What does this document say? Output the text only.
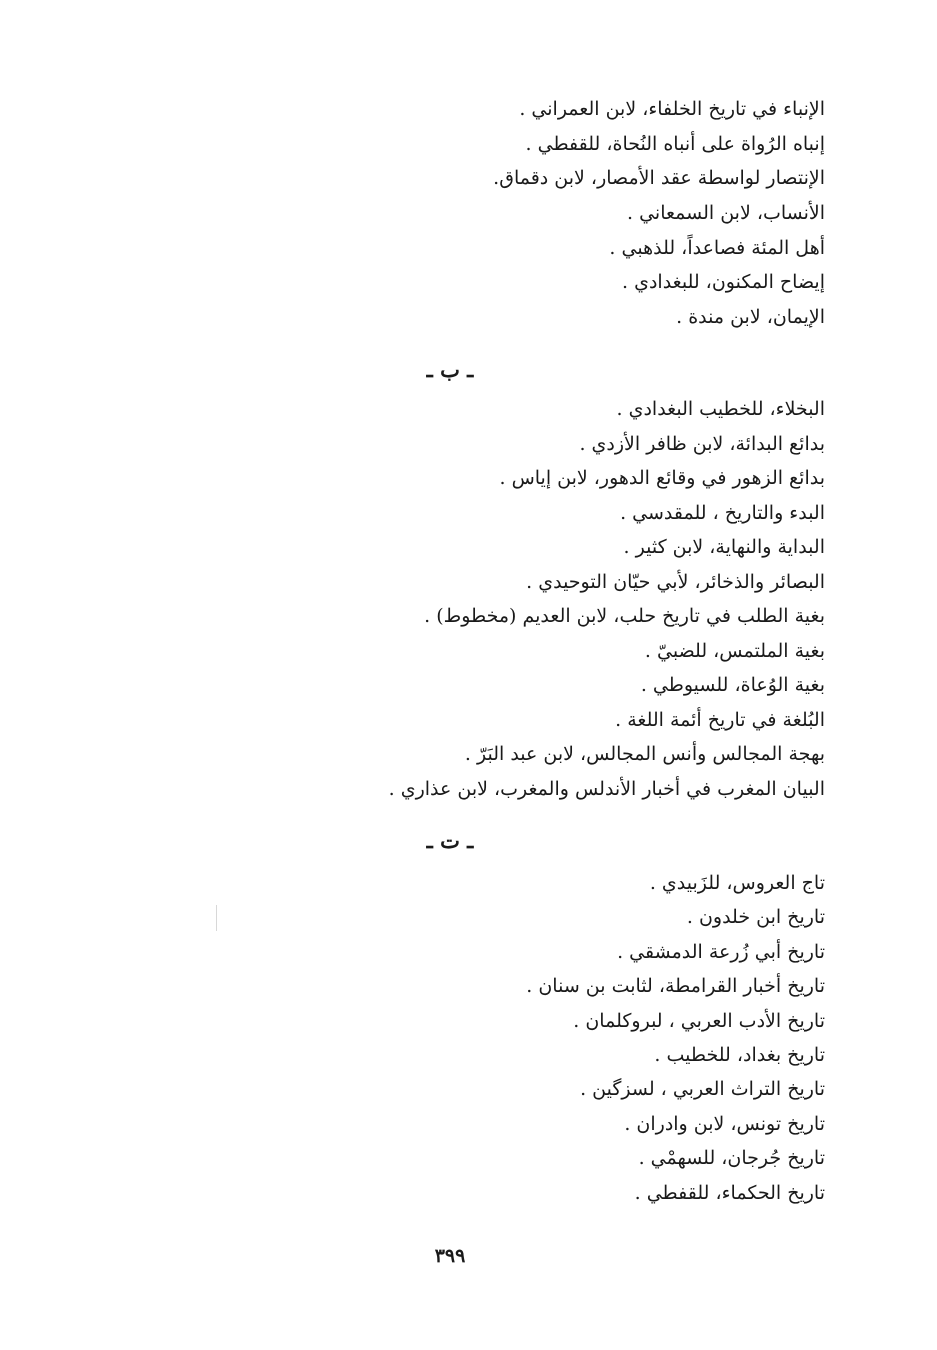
الإنباء في تاريخ الخلفاء، لابن العمراني .
إنباه الرُواة على أنباه النُحاة، للقفطي .
الإنتصار لواسطة عقد الأمصار، لابن دقماق.
الأنساب، لابن السمعاني .
أهل المئة فصاعداً، للذهبي .
إيضاح المكنون، للبغدادي .
الإيمان، لابن مندة .
ـ ب ـ
البخلاء، للخطيب البغدادي .
بدائع البدائة، لابن ظافر الأزدي .
بدائع الزهور في وقائع الدهور، لابن إياس .
البدء والتاريخ ، للمقدسي .
البداية والنهاية، لابن كثير .
البصائر والذخائر، لأبي حيّان التوحيدي .
بغية الطلب في تاريخ حلب، لابن العديم (مخطوط) .
بغية الملتمس، للضبيّ .
بغية الوُعاة، للسيوطي .
البُلغة في تاريخ أئمة اللغة .
بهجة المجالس وأنس المجالس، لابن عبد البَرّ .
البيان المغرب في أخبار الأندلس والمغرب، لابن عذاري .
ـ ت ـ
تاج العروس، للزَبيدي .
تاريخ ابن خلدون .
تاريخ أبي زُرعة الدمشقي .
تاريخ أخبار القرامطة، لثابت بن سنان .
تاريخ الأدب العربي ، لبروكلمان .
تاريخ بغداد، للخطيب .
تاريخ التراث العربي ، لسزگين .
تاريخ تونس، لابن وادران .
تاريخ جُرجان، للسهمْي .
تاريخ الحكماء، للقفطي .
٣٩٩
